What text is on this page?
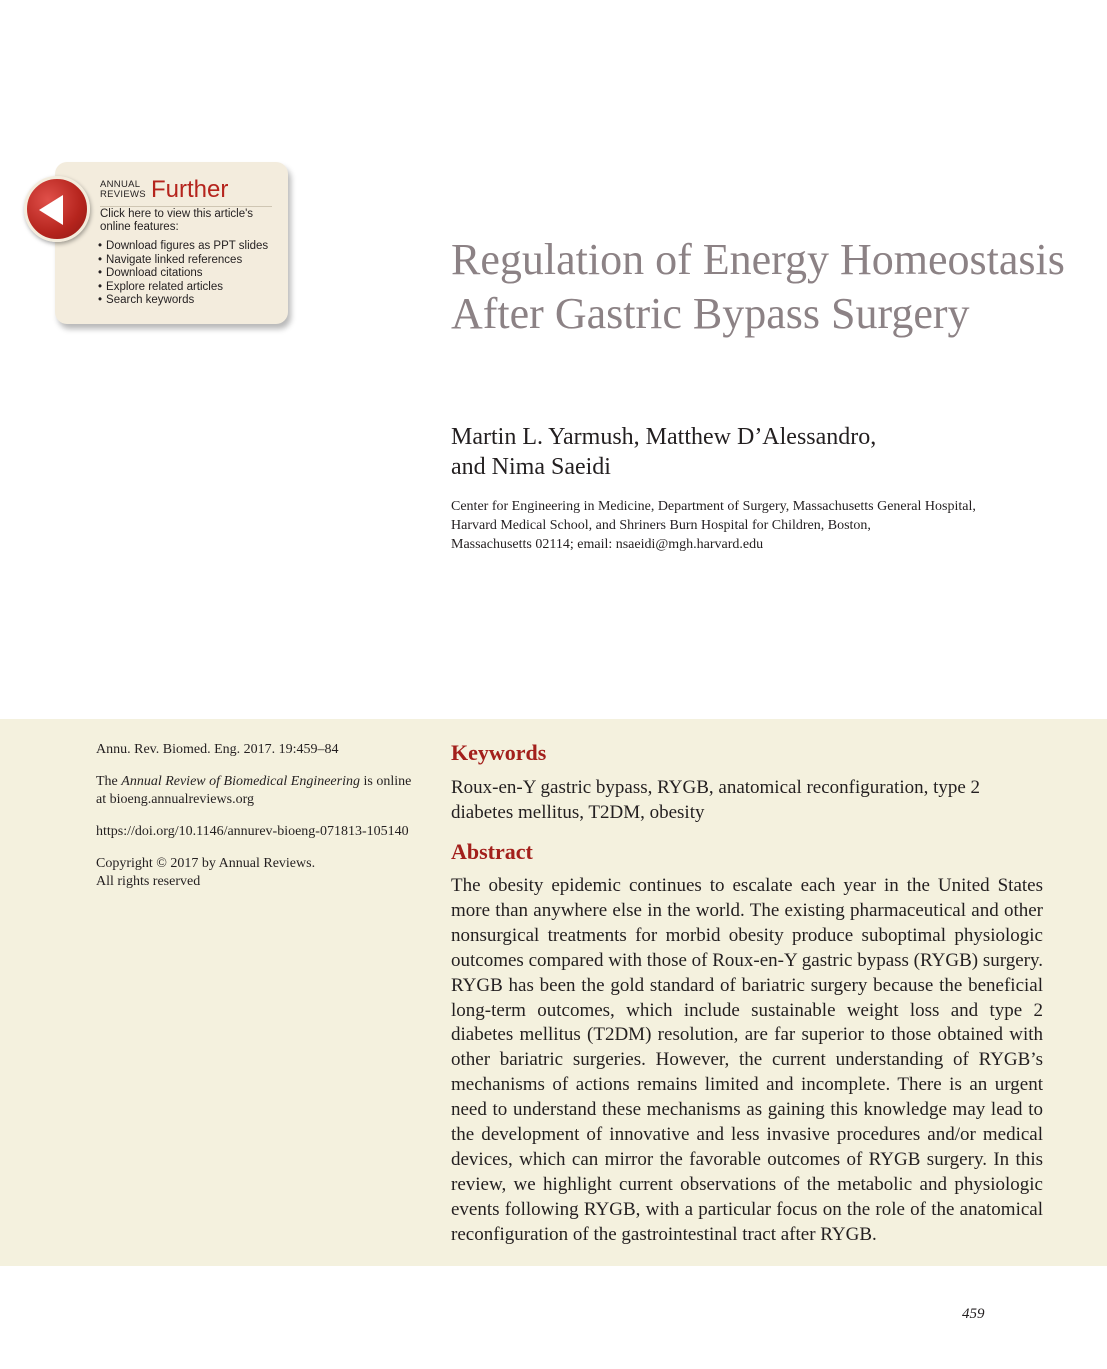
ANNUAL
REVIEWS Further
Click here to view this article's online features:
• Download figures as PPT slides
• Navigate linked references
• Download citations
• Explore related articles
• Search keywords
Regulation of Energy Homeostasis After Gastric Bypass Surgery

Martin L. Yarmush, Matthew D’Alessandro,
and Nima Saeidi

Center for Engineering in Medicine, Department of Surgery, Massachusetts General Hospital,
Harvard Medical School, and Shriners Burn Hospital for Children, Boston,
Massachusetts 02114; email: nsaeidi@mgh.harvard.edu

Annu. Rev. Biomed. Eng. 2017. 19:459–84

The Annual Review of Biomedical Engineering is online at bioeng.annualreviews.org

https://doi.org/10.1146/annurev-bioeng-071813-105140

Copyright © 2017 by Annual Reviews.
All rights reserved

Keywords

Roux-en-Y gastric bypass, RYGB, anatomical reconfiguration, type 2 diabetes mellitus, T2DM, obesity

Abstract

The obesity epidemic continues to escalate each year in the United States more than anywhere else in the world. The existing pharmaceutical and other nonsurgical treatments for morbid obesity produce suboptimal physiologic outcomes compared with those of Roux-en-Y gastric bypass (RYGB) surgery. RYGB has been the gold standard of bariatric surgery because the beneficial long-term outcomes, which include sustainable weight loss and type 2 diabetes mellitus (T2DM) resolution, are far superior to those obtained with other bariatric surgeries. However, the current understanding of RYGB’s mechanisms of actions remains limited and incomplete. There is an urgent need to understand these mechanisms as gaining this knowledge may lead to the development of innovative and less invasive procedures and/or medical devices, which can mirror the favorable outcomes of RYGB surgery. In this review, we highlight current observations of the metabolic and physiologic events following RYGB, with a particular focus on the role of the anatomical reconfiguration of the gastrointestinal tract after RYGB.

459
